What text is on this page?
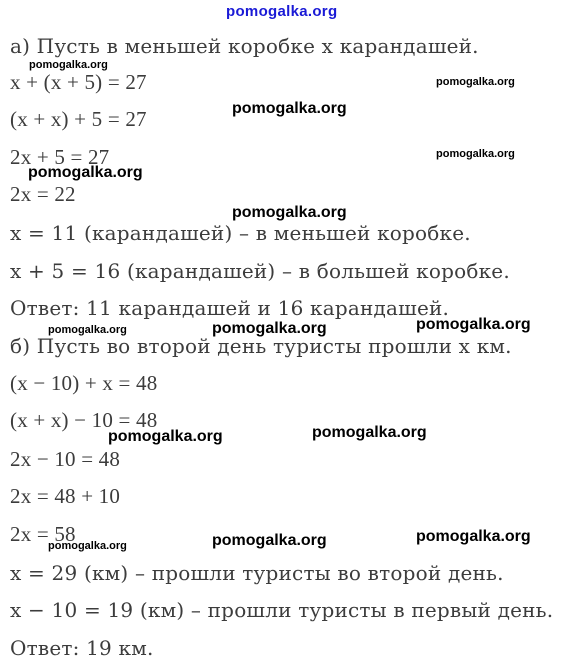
pomogalka.org
а) Пусть в меньшей коробке x карандашей.
x + (x + 5) = 27
(x + x) + 5 = 27
2x + 5 = 27
2x = 22
x = 11 (карандашей) – в меньшей коробке.
x + 5 = 16 (карандашей) – в большей коробке.
Ответ: 11 карандашей и 16 карандашей.
б) Пусть во второй день туристы прошли x км.
(x − 10) + x = 48
(x + x) − 10 = 48
2x − 10 = 48
2x = 48 + 10
2x = 58
x = 29 (км) – прошли туристы во второй день.
x − 10 = 19 (км) – прошли туристы в первый день.
Ответ: 19 км.
pomogalka.org
pomogalka.org
pomogalka.org
pomogalka.org
pomogalka.org
pomogalka.org
pomogalka.org	pomogalka.org	pomogalka.org
pomogalka.org	pomogalka.org
pomogalka.org	pomogalka.org	pomogalka.org
